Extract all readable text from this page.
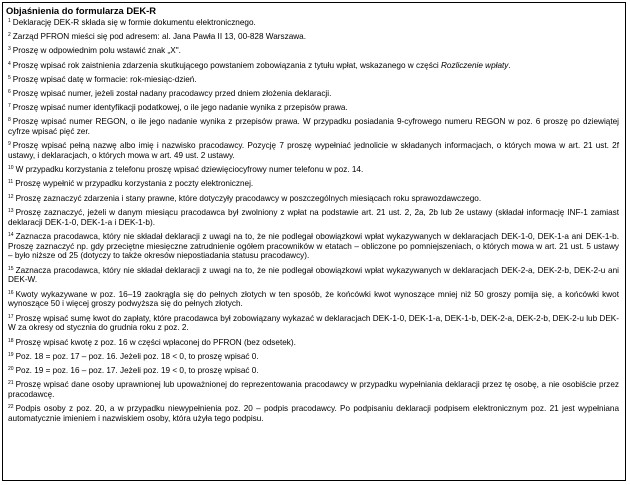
Objaśnienia do formularza DEK-R

$^1$ Deklarację DEK-R składa się w formie dokumentu elektronicznego.

$^2$ Zarząd PFRON mieści się pod adresem: al. Jana Pawła II 13, 00-828 Warszawa.

$^3$ Proszę w odpowiednim polu wstawić znak „X".

$^4$ Proszę wpisać rok zaistnienia zdarzenia skutkującego powstaniem zobowiązania z tytułu wpłat, wskazanego w części Rozliczenie wpłaty.

$^5$ Proszę wpisać datę w formacie: rok-miesiąc-dzień.

$^6$ Proszę wpisać numer, jeżeli został nadany pracodawcy przed dniem złożenia deklaracji.

$^7$ Proszę wpisać numer identyfikacji podatkowej, o ile jego nadanie wynika z przepisów prawa.

$^8$ Proszę wpisać numer REGON, o ile jego nadanie wynika z przepisów prawa. W przypadku posiadania 9-cyfrowego numeru REGON w poz. 6 proszę po dziewiątej cyfrze wpisać pięć zer.

$^9$ Proszę wpisać pełną nazwę albo imię i nazwisko pracodawcy. Pozycję 7 proszę wypełniać jednolicie w składanych informacjach, o których mowa w art. 21 ust. 2f ustawy, i deklaracjach, o których mowa w art. 49 ust. 2 ustawy.

$^{10}$ W przypadku korzystania z telefonu proszę wpisać dziewięciocyfrowy numer telefonu w poz. 14.

$^{11}$ Proszę wypełnić w przypadku korzystania z poczty elektronicznej.

$^{12}$ Proszę zaznaczyć zdarzenia i stany prawne, które dotyczyły pracodawcy w poszczególnych miesiącach roku sprawozdawczego.

$^{13}$ Proszę zaznaczyć, jeżeli w danym miesiącu pracodawca był zwolniony z wpłat na podstawie art. 21 ust. 2, 2a, 2b lub 2e ustawy (składał informację INF-1 zamiast deklaracji DEK-1-0, DEK-1-a i DEK-1-b).

$^{14}$ Zaznacza pracodawca, który nie składał deklaracji z uwagi na to, że nie podlegał obowiązkowi wpłat wykazywanych w deklaracjach DEK-1-0, DEK-1-a ani DEK-1-b. Proszę zaznaczyć np. gdy przeciętne miesięczne zatrudnienie ogółem pracowników w etatach – obliczone po pomniejszeniach, o których mowa w art. 21 ust. 5 ustawy – było niższe od 25 (dotyczy to także okresów niepostiadania statusu pracodawcy).

$^{15}$ Zaznacza pracodawca, który nie składał deklaracji z uwagi na to, że nie podlegał obowiązkowi wpłat wykazywanych w deklaracjach DEK-2-a, DEK-2-b, DEK-2-u ani DEK-W.

$^{16}$ Kwoty wykazywane w poz. 16–19 zaokrągla się do pełnych złotych w ten sposób, że końcówki kwot wynoszące mniej niż 50 groszy pomija się, a końcówki kwot wynoszące 50 i więcej groszy podwyższa się do pełnych złotych.

$^{17}$ Proszę wpisać sumę kwot do zapłaty, które pracodawca był zobowiązany wykazać w deklaracjach DEK-1-0, DEK-1-a, DEK-1-b, DEK-2-a, DEK-2-b, DEK-2-u lub DEK-W za okresy od stycznia do grudnia roku z poz. 2.

$^{18}$ Proszę wpisać kwotę z poz. 16 w części wpłaconej do PFRON (bez odsetek).

$^{19}$ Poz. 18 = poz. 17 – poz. 16. Jeżeli poz. 18 < 0, to proszę wpisać 0.

$^{20}$ Poz. 19 = poz. 16 – poz. 17. Jeżeli poz. 19 < 0, to proszę wpisać 0.

$^{21}$ Proszę wpisać dane osoby uprawnionej lub upoważnionej do reprezentowania pracodawcy w przypadku wypełniania deklaracji przez tę osobę, a nie osobiście przez pracodawcę.

$^{22}$ Podpis osoby z poz. 20, a w przypadku niewypełnienia poz. 20 – podpis pracodawcy. Po podpisaniu deklaracji podpisem elektronicznym poz. 21 jest wypełniana automatycznie imieniem i nazwiskiem osoby, która użyła tego podpisu.
